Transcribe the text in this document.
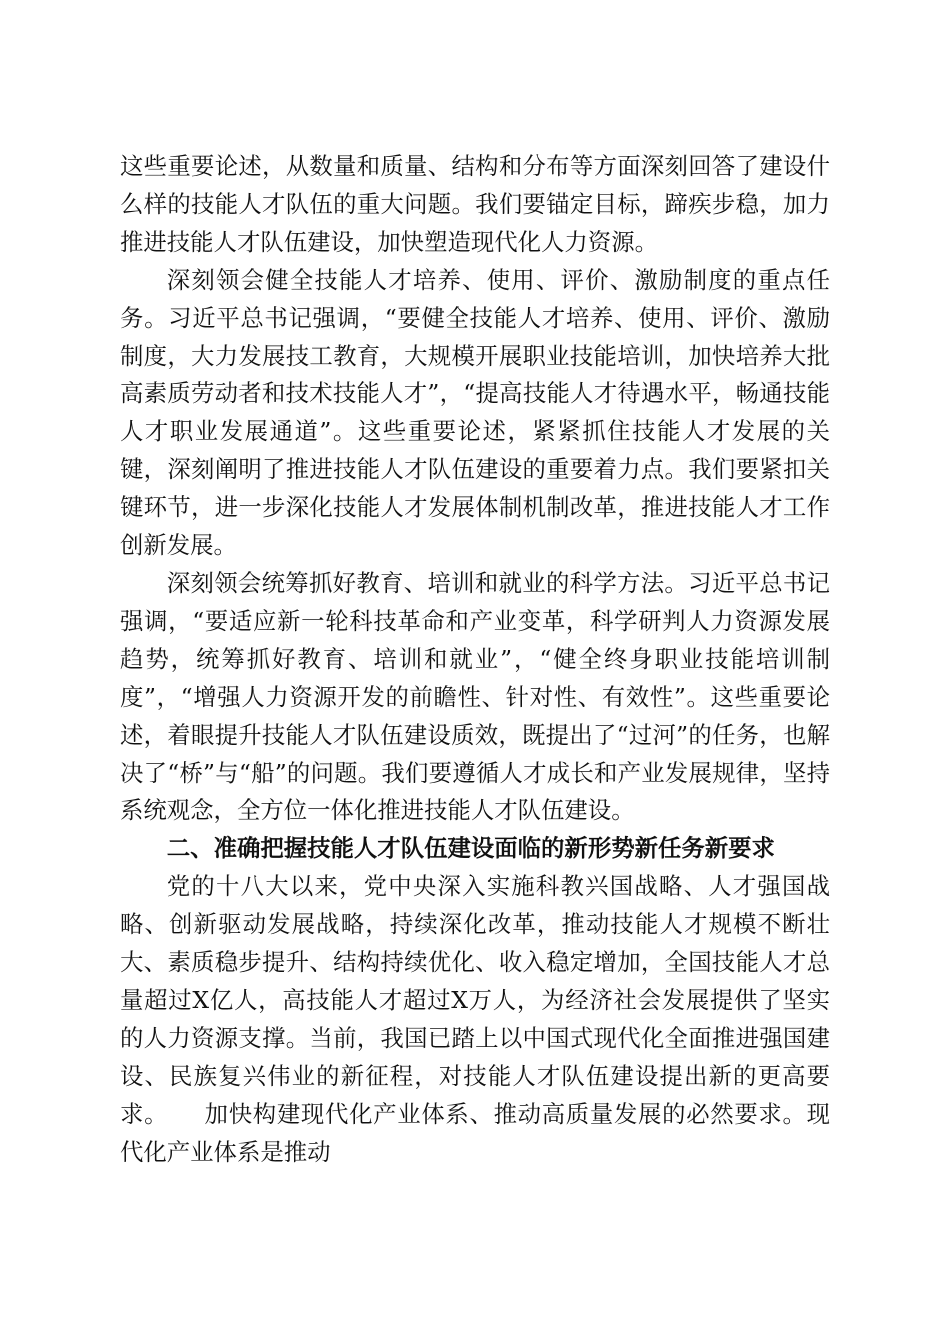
这些重要论述，从数量和质量、结构和分布等方面深刻回答了建设什么样的技能人才队伍的重大问题。我们要锚定目标，蹄疾步稳，加力推进技能人才队伍建设，加快塑造现代化人力资源。

深刻领会健全技能人才培养、使用、评价、激励制度的重点任务。习近平总书记强调，“要健全技能人才培养、使用、评价、激励制度，大力发展技工教育，大规模开展职业技能培训，加快培养大批高素质劳动者和技术技能人才”，“提高技能人才待遇水平，畅通技能人才职业发展通道”。这些重要论述，紧紧抓住技能人才发展的关键，深刻阐明了推进技能人才队伍建设的重要着力点。我们要紧扣关键环节，进一步深化技能人才发展体制机制改革，推进技能人才工作创新发展。

深刻领会统筹抓好教育、培训和就业的科学方法。习近平总书记强调，“要适应新一轮科技革命和产业变革，科学研判人力资源发展趋势，统筹抓好教育、培训和就业”，“健全终身职业技能培训制度”，“增强人力资源开发的前瞻性、针对性、有效性”。这些重要论述，着眼提升技能人才队伍建设质效，既提出了“过河”的任务，也解决了“桥”与“船”的问题。我们要遵循人才成长和产业发展规律，坚持系统观念，全方位一体化推进技能人才队伍建设。

二、准确把握技能人才队伍建设面临的新形势新任务新要求

党的十八大以来，党中央深入实施科教兴国战略、人才强国战略、创新驱动发展战略，持续深化改革，推动技能人才规模不断壮大、素质稳步提升、结构持续优化、收入稳定增加，全国技能人才总量超过X亿人，高技能人才超过X万人，为经济社会发展提供了坚实的人力资源支撑。当前，我国已踏上以中国式现代化全面推进强国建设、民族复兴伟业的新征程，对技能人才队伍建设提出新的更高要求。　　加快构建现代化产业体系、推动高质量发展的必然要求。现代化产业体系是推动
